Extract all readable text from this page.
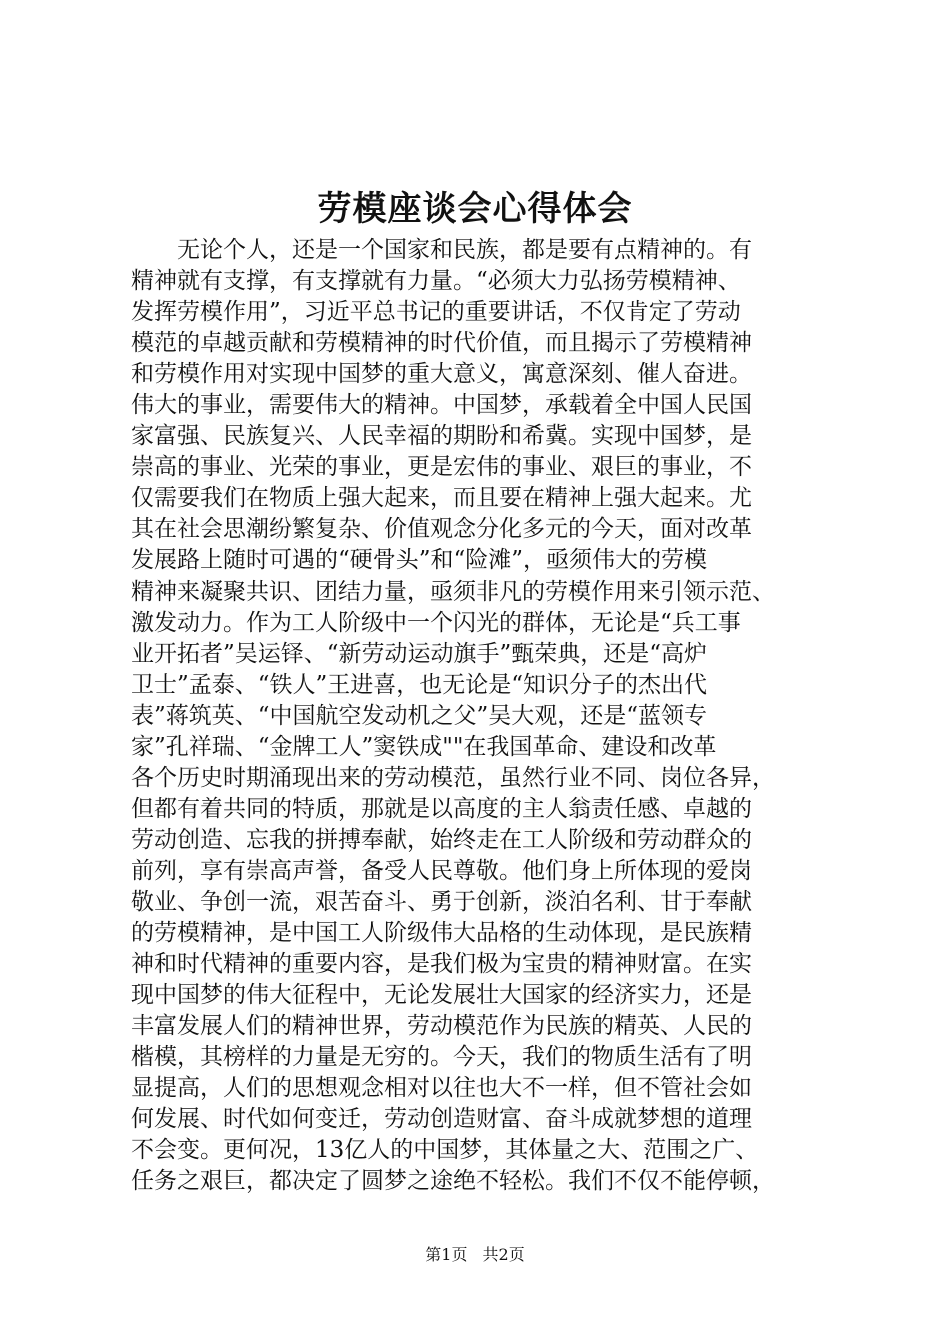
劳模座谈会心得体会
　　无论个人，还是一个国家和民族，都是要有点精神的。有
精神就有支撑，有支撑就有力量。“必须大力弘扬劳模精神、
发挥劳模作用”，习近平总书记的重要讲话，不仅肯定了劳动
模范的卓越贡献和劳模精神的时代价值，而且揭示了劳模精神
和劳模作用对实现中国梦的重大意义，寓意深刻、催人奋进。
伟大的事业，需要伟大的精神。中国梦，承载着全中国人民国
家富强、民族复兴、人民幸福的期盼和希冀。实现中国梦，是
崇高的事业、光荣的事业，更是宏伟的事业、艰巨的事业，不
仅需要我们在物质上强大起来，而且要在精神上强大起来。尤
其在社会思潮纷繁复杂、价值观念分化多元的今天，面对改革
发展路上随时可遇的“硬骨头”和“险滩”，亟须伟大的劳模
精神来凝聚共识、团结力量，亟须非凡的劳模作用来引领示范、
激发动力。作为工人阶级中一个闪光的群体，无论是“兵工事
业开拓者”吴运铎、“新劳动运动旗手”甄荣典，还是“高炉
卫士”孟泰、“铁人”王进喜，也无论是“知识分子的杰出代
表”蒋筑英、“中国航空发动机之父”吴大观，还是“蓝领专
家”孔祥瑞、“金牌工人”窦铁成""在我国革命、建设和改革
各个历史时期涌现出来的劳动模范，虽然行业不同、岗位各异，
但都有着共同的特质，那就是以高度的主人翁责任感、卓越的
劳动创造、忘我的拼搏奉献，始终走在工人阶级和劳动群众的
前列，享有崇高声誉，备受人民尊敬。他们身上所体现的爱岗
敬业、争创一流，艰苦奋斗、勇于创新，淡泊名利、甘于奉献
的劳模精神，是中国工人阶级伟大品格的生动体现，是民族精
神和时代精神的重要内容，是我们极为宝贵的精神财富。在实
现中国梦的伟大征程中，无论发展壮大国家的经济实力，还是
丰富发展人们的精神世界，劳动模范作为民族的精英、人民的
楷模，其榜样的力量是无穷的。今天，我们的物质生活有了明
显提高，人们的思想观念相对以往也大不一样，但不管社会如
何发展、时代如何变迁，劳动创造财富、奋斗成就梦想的道理
不会变。更何况，13亿人的中国梦，其体量之大、范围之广、
任务之艰巨，都决定了圆梦之途绝不轻松。我们不仅不能停顿，
第1页 共2页
